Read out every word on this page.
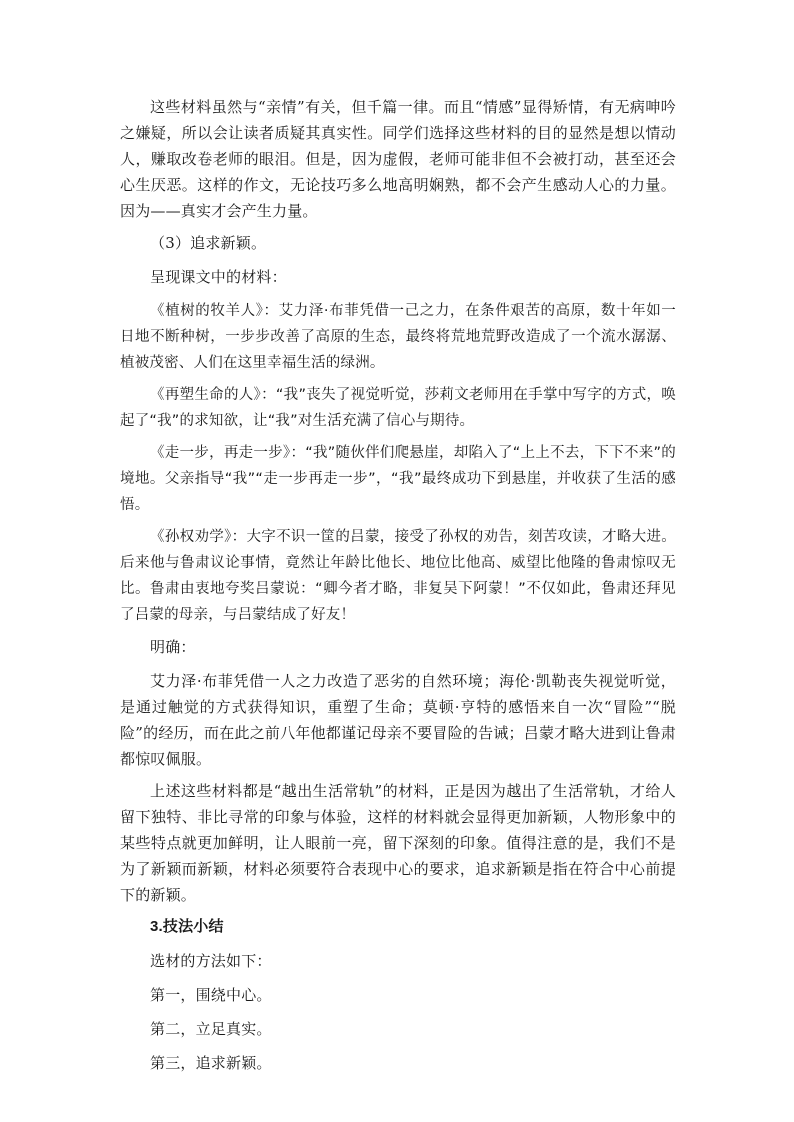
这些材料虽然与“亲情”有关，但千篇一律。而且“情感”显得矫情，有无病呻吟之嫌疑，所以会让读者质疑其真实性。同学们选择这些材料的目的显然是想以情动人，赚取改卷老师的眼泪。但是，因为虚假，老师可能非但不会被打动，甚至还会心生厌恶。这样的作文，无论技巧多么地高明娴熟，都不会产生感动人心的力量。因为——真实才会产生力量。

（3）追求新颖。

呈现课文中的材料：

《植树的牧羊人》：艾力泽·布菲凭借一己之力，在条件艰苦的高原，数十年如一日地不断种树，一步步改善了高原的生态，最终将荒地荒野改造成了一个流水潺潺、植被茂密、人们在这里幸福生活的绿洲。

《再塑生命的人》：“我”丧失了视觉听觉，莎莉文老师用在手掌中写字的方式，唤起了“我”的求知欲，让“我”对生活充满了信心与期待。

《走一步，再走一步》：“我”随伙伴们爬悬崖，却陷入了“上上不去，下下不来”的境地。父亲指导“我”“走一步再走一步”，“我”最终成功下到悬崖，并收获了生活的感悟。

《孙权劝学》：大字不识一筐的吕蒙，接受了孙权的劝告，刻苦攻读，才略大进。后来他与鲁肃议论事情，竟然让年龄比他长、地位比他高、威望比他隆的鲁肃惊叹无比。鲁肃由衷地夸奖吕蒙说：“卿今者才略，非复吴下阿蒙！”不仅如此，鲁肃还拜见了吕蒙的母亲，与吕蒙结成了好友！

明确：

艾力泽·布菲凭借一人之力改造了恶劣的自然环境；海伦·凯勒丧失视觉听觉，是通过触觉的方式获得知识，重塑了生命；莫顿·亨特的感悟来自一次“冒险”“脱险”的经历，而在此之前八年他都谨记母亲不要冒险的告诫；吕蒙才略大进到让鲁肃都惊叹佩服。

上述这些材料都是“越出生活常轨”的材料，正是因为越出了生活常轨，才给人留下独特、非比寻常的印象与体验，这样的材料就会显得更加新颖，人物形象中的某些特点就更加鲜明，让人眼前一亮，留下深刻的印象。值得注意的是，我们不是为了新颖而新颖，材料必须要符合表现中心的要求，追求新颖是指在符合中心前提下的新颖。

3.技法小结

选材的方法如下：

第一，围绕中心。

第二，立足真实。

第三，追求新颖。
